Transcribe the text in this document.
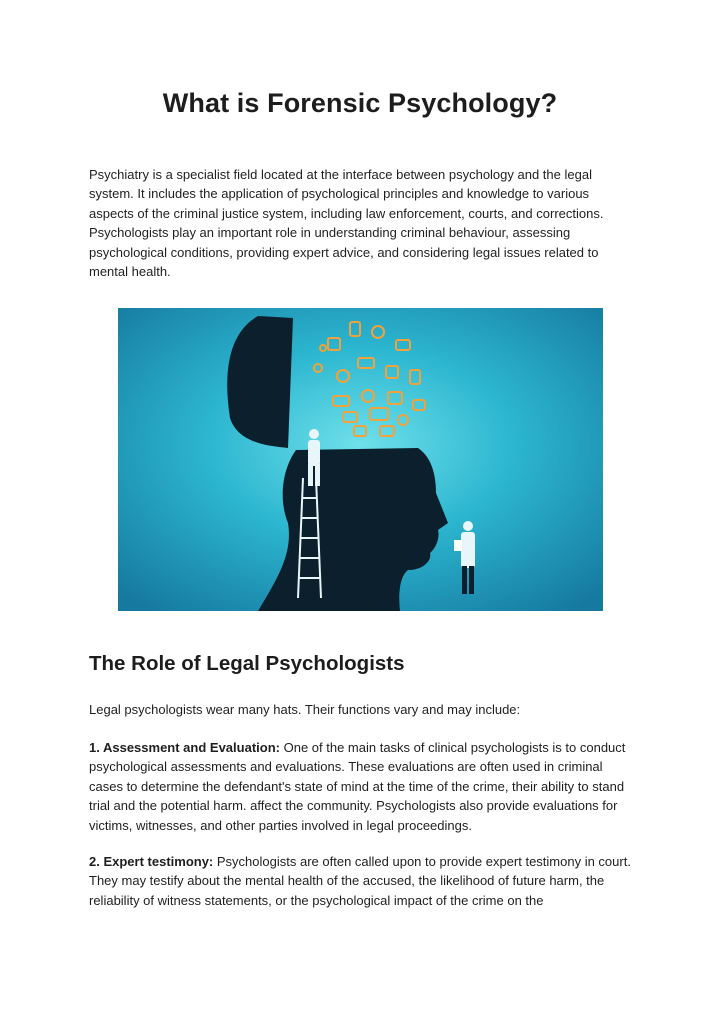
What is Forensic Psychology?

Psychiatry is a specialist field located at the interface between psychology and the legal system. It includes the application of psychological principles and knowledge to various aspects of the criminal justice system, including law enforcement, courts, and corrections. Psychologists play an important role in understanding criminal behaviour, assessing psychological conditions, providing expert advice, and considering legal issues related to mental health.

The Role of Legal Psychologists

Legal psychologists wear many hats. Their functions vary and may include:

1. Assessment and Evaluation: One of the main tasks of clinical psychologists is to conduct psychological assessments and evaluations. These evaluations are often used in criminal cases to determine the defendant's state of mind at the time of the crime, their ability to stand trial and the potential harm. affect the community. Psychologists also provide evaluations for victims, witnesses, and other parties involved in legal proceedings.

2. Expert testimony: Psychologists are often called upon to provide expert testimony in court. They may testify about the mental health of the accused, the likelihood of future harm, the reliability of witness statements, or the psychological impact of the crime on the
